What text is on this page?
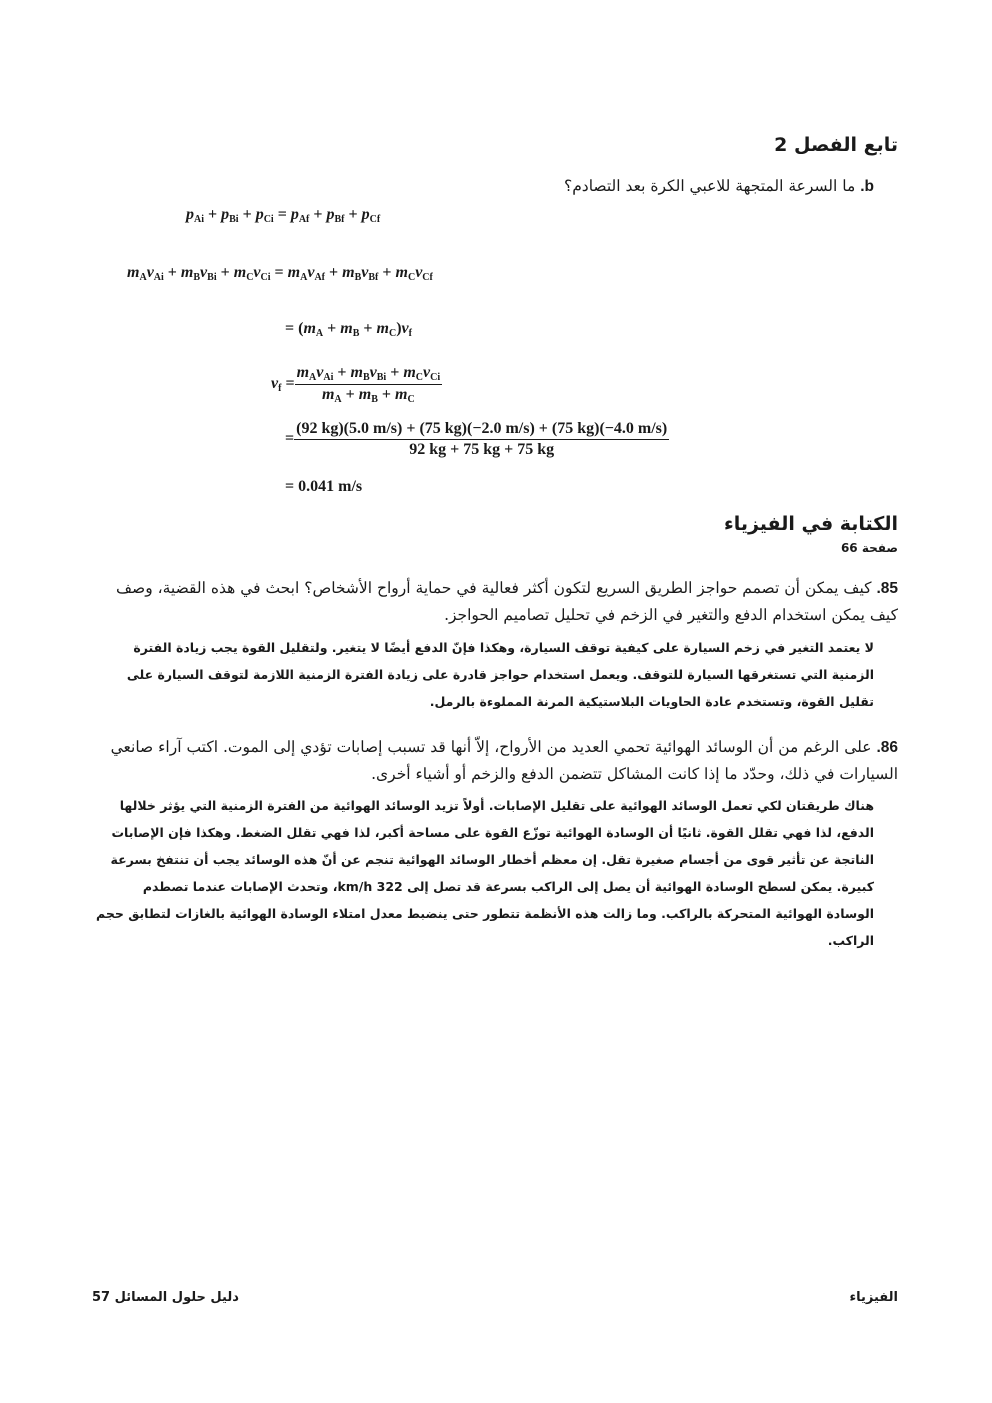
تابع الفصل 2
b. ما السرعة المتجهة للاعبي الكرة بعد التصادم؟
$p_{Ai} + p_{Bi} + p_{Ci} = p_{Af} + p_{Bf} + p_{Cf}$
$m_Av_{Ai} + m_Bv_{Bi} + m_Cv_{Ci} = m_Av_{Af} + m_Bv_{Bf} + m_Cv_{Cf}$
= $(m_A + m_B + m_C)v_f$
$v_f = \frac{m_Av_{Ai} + m_Bv_{Bi} + m_Cv_{Ci}}{m_A + m_B + m_C}$
= $\frac{(92 kg)(5.0 m/s) + (75 kg)(-2.0 m/s) + (75 kg)(-4.0 m/s)}{92 kg + 75 kg + 75 kg}$
= 0.041 m/s
الكتابة في الفيزياء
صفحة 66
85. كيف يمكن أن تصمم حواجز الطريق السريع لتكون أكثر فعالية في حماية أرواح الأشخاص؟ ابحث في هذه القضية، وصف كيف يمكن استخدام الدفع والتغير في الزخم في تحليل تصاميم الحواجز.
لا يعتمد التغير في زخم السيارة على كيفية توقف السيارة، وهكذا فإنّ الدفع أيضًا لا يتغير. ولتقليل القوة يجب زيادة الفترة الزمنية التي تستغرقها السيارة للتوقف. ويعمل استخدام حواجز قادرة على زيادة الفترة الزمنية اللازمة لتوقف السيارة على تقليل القوة، وتستخدم عادة الحاويات البلاستيكية المرنة المملوءة بالرمل.
86. على الرغم من أن الوسائد الهوائية تحمي العديد من الأرواح، إلاّ أنها قد تسبب إصابات تؤدي إلى الموت. اكتب آراء صانعي السيارات في ذلك، وحدّد ما إذا كانت المشاكل تتضمن الدفع والزخم أو أشياء أخرى.
هناك طريقتان لكي تعمل الوسائد الهوائية على تقليل الإصابات. أولاً تزيد الوسائد الهوائية من الفترة الزمنية التي يؤثر خلالها الدفع، لذا فهي تقلل القوة. ثانيًا أن الوسادة الهوائية توزّع القوة على مساحة أكبر، لذا فهي تقلل الضغط. وهكذا فإن الإصابات الناتجة عن تأثير قوى من أجسام صغيرة تقل. إن معظم أخطار الوسائد الهوائية تنجم عن أنّ هذه الوسائد يجب أن تنتفخ بسرعة كبيرة. يمكن لسطح الوسادة الهوائية أن يصل إلى الراكب بسرعة قد تصل إلى 322 km/h، وتحدث الإصابات عندما تصطدم الوسادة الهوائية المتحركة بالراكب. وما زالت هذه الأنظمة تتطور حتى ينضبط معدل امتلاء الوسادة الهوائية بالغازات لتطابق حجم الراكب.
الفيزياء
دليل حلول المسائل 57
